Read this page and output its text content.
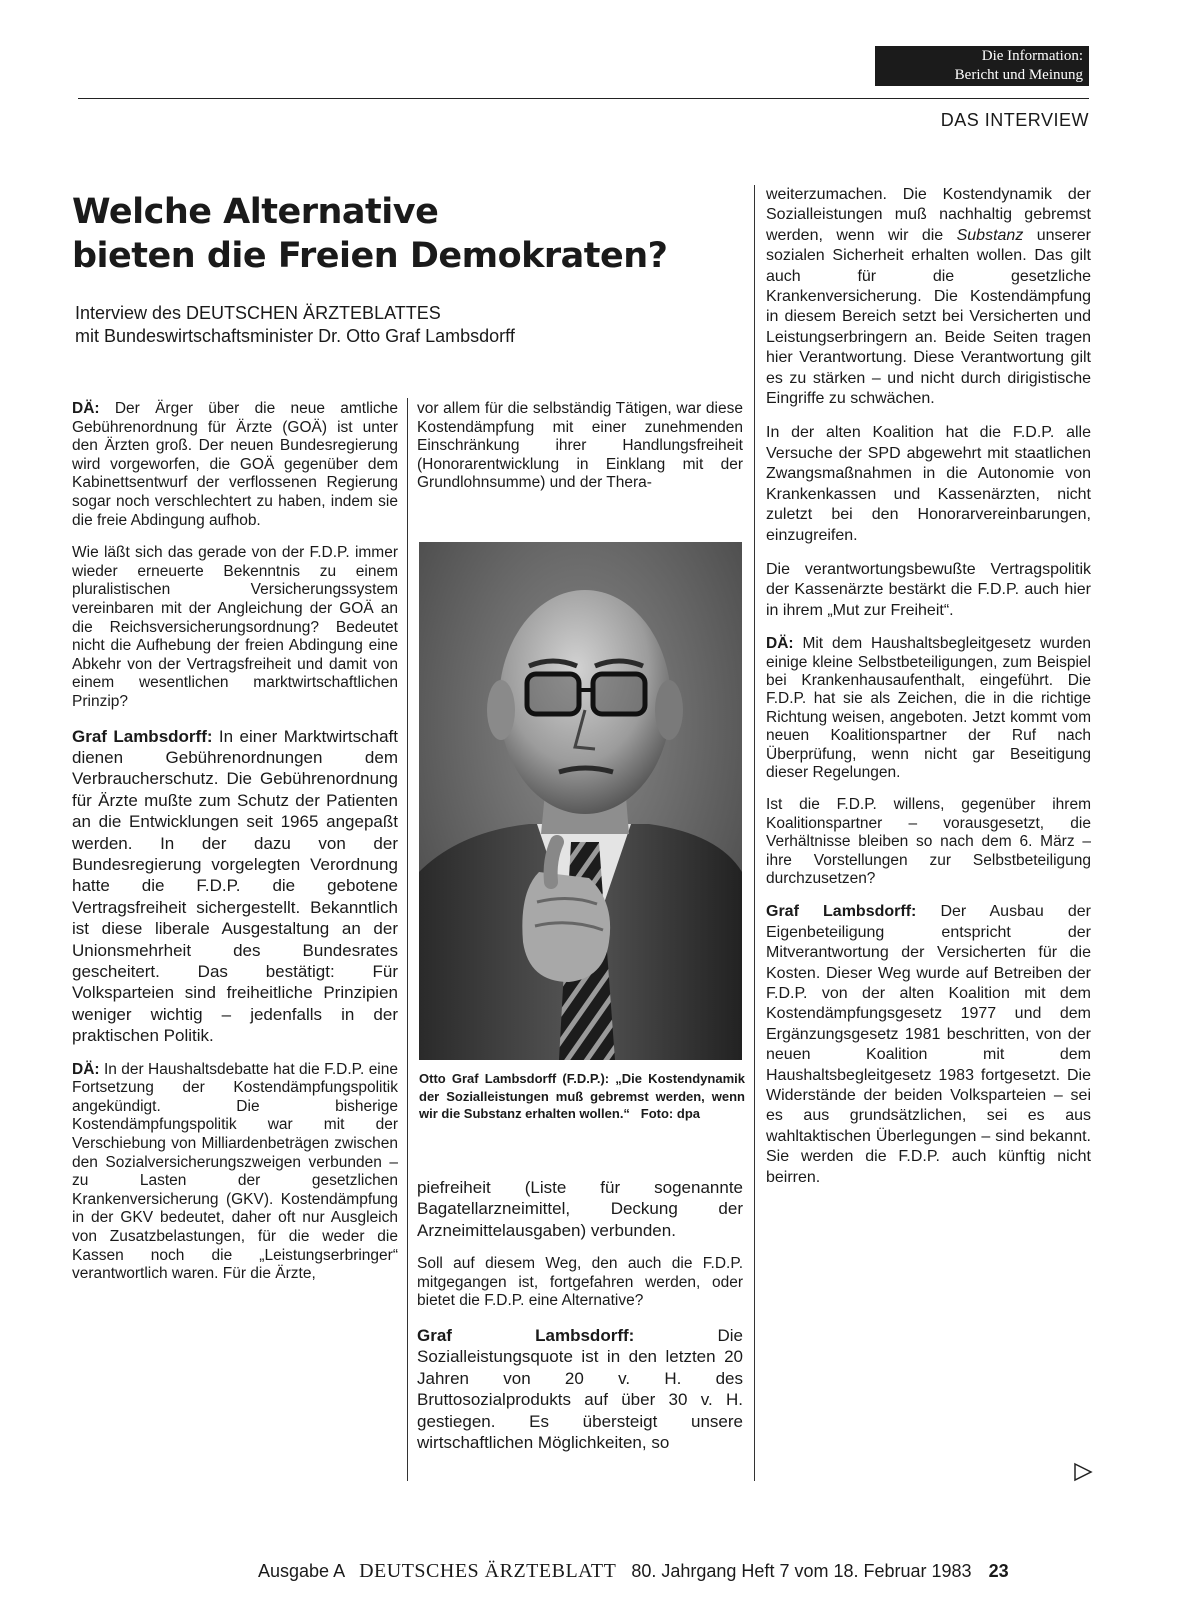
Die Information:
Bericht und Meinung
DAS INTERVIEW
Welche Alternative
bieten die Freien Demokraten?
Interview des DEUTSCHEN ÄRZTEBLATTES
mit Bundeswirtschaftsminister Dr. Otto Graf Lambsdorff

DÄ: Der Ärger über die neue amtliche Gebührenordnung für Ärzte (GOÄ) ist unter den Ärzten groß. Der neuen Bundesregierung wird vorgeworfen, die GOÄ gegenüber dem Kabinettsentwurf der verflossenen Regierung sogar noch verschlechtert zu haben, indem sie die freie Abdingung aufhob.

Wie läßt sich das gerade von der F.D.P. immer wieder erneuerte Bekenntnis zu einem pluralistischen Versicherungssystem vereinbaren mit der Angleichung der GOÄ an die Reichsversicherungsordnung? Bedeutet nicht die Aufhebung der freien Abdingung eine Abkehr von der Vertragsfreiheit und damit von einem wesentlichen marktwirtschaftlichen Prinzip?

Graf Lambsdorff: In einer Marktwirtschaft dienen Gebührenordnungen dem Verbraucherschutz. Die Gebührenordnung für Ärzte mußte zum Schutz der Patienten an die Entwicklungen seit 1965 angepaßt werden. In der dazu von der Bundesregierung vorgelegten Verordnung hatte die F.D.P. die gebotene Vertragsfreiheit sichergestellt. Bekanntlich ist diese liberale Ausgestaltung an der Unionsmehrheit des Bundesrates gescheitert. Das bestätigt: Für Volksparteien sind freiheitliche Prinzipien weniger wichtig – jedenfalls in der praktischen Politik.

DÄ: In der Haushaltsdebatte hat die F.D.P. eine Fortsetzung der Kostendämpfungspolitik angekündigt. Die bisherige Kostendämpfungspolitik war mit der Verschiebung von Milliardenbeträgen zwischen den Sozialversicherungszweigen verbunden – zu Lasten der gesetzlichen Krankenversicherung (GKV). Kostendämpfung in der GKV bedeutet, daher oft nur Ausgleich von Zusatzbelastungen, für die weder die Kassen noch die „Leistungserbringer“ verantwortlich waren. Für die Ärzte,

vor allem für die selbständig Tätigen, war diese Kostendämpfung mit einer zunehmenden Einschränkung ihrer Handlungsfreiheit (Honorarentwicklung in Einklang mit der Grundlohnsumme) und der Thera-

Otto Graf Lambsdorff (F.D.P.): „Die Kostendynamik der Sozialleistungen muß gebremst werden, wenn wir die Substanz erhalten wollen.“ Foto: dpa

piefreiheit (Liste für sogenannte Bagatellarzneimittel, Deckung der Arzneimittelausgaben) verbunden.

Soll auf diesem Weg, den auch die F.D.P. mitgegangen ist, fortgefahren werden, oder bietet die F.D.P. eine Alternative?

Graf Lambsdorff: Die Sozialleistungsquote ist in den letzten 20 Jahren von 20 v. H. des Bruttosozialprodukts auf über 30 v. H. gestiegen. Es übersteigt unsere wirtschaftlichen Möglichkeiten, so

weiterzumachen. Die Kostendynamik der Sozialleistungen muß nachhaltig gebremst werden, wenn wir die Substanz unserer sozialen Sicherheit erhalten wollen. Das gilt auch für die gesetzliche Krankenversicherung. Die Kostendämpfung in diesem Bereich setzt bei Versicherten und Leistungserbringern an. Beide Seiten tragen hier Verantwortung. Diese Verantwortung gilt es zu stärken – und nicht durch dirigistische Eingriffe zu schwächen.

In der alten Koalition hat die F.D.P. alle Versuche der SPD abgewehrt mit staatlichen Zwangsmaßnahmen in die Autonomie von Krankenkassen und Kassenärzten, nicht zuletzt bei den Honorarvereinbarungen, einzugreifen.

Die verantwortungsbewußte Vertragspolitik der Kassenärzte bestärkt die F.D.P. auch hier in ihrem „Mut zur Freiheit“.

DÄ: Mit dem Haushaltsbegleitgesetz wurden einige kleine Selbstbeteiligungen, zum Beispiel bei Krankenhausaufenthalt, eingeführt. Die F.D.P. hat sie als Zeichen, die in die richtige Richtung weisen, angeboten. Jetzt kommt vom neuen Koalitionspartner der Ruf nach Überprüfung, wenn nicht gar Beseitigung dieser Regelungen.

Ist die F.D.P. willens, gegenüber ihrem Koalitionspartner – vorausgesetzt, die Verhältnisse bleiben so nach dem 6. März – ihre Vorstellungen zur Selbstbeteiligung durchzusetzen?

Graf Lambsdorff: Der Ausbau der Eigenbeteiligung entspricht der Mitverantwortung der Versicherten für die Kosten. Dieser Weg wurde auf Betreiben der F.D.P. von der alten Koalition mit dem Kostendämpfungsgesetz 1977 und dem Ergänzungsgesetz 1981 beschritten, von der neuen Koalition mit dem Haushaltsbegleitgesetz 1983 fortgesetzt. Die Widerstände der beiden Volksparteien – sei es aus grundsätzlichen, sei es aus wahltaktischen Überlegungen – sind bekannt. Sie werden die F.D.P. auch künftig nicht beirren.

Ausgabe A DEUTSCHES ÄRZTEBLATT 80. Jahrgang Heft 7 vom 18. Februar 1983 23
